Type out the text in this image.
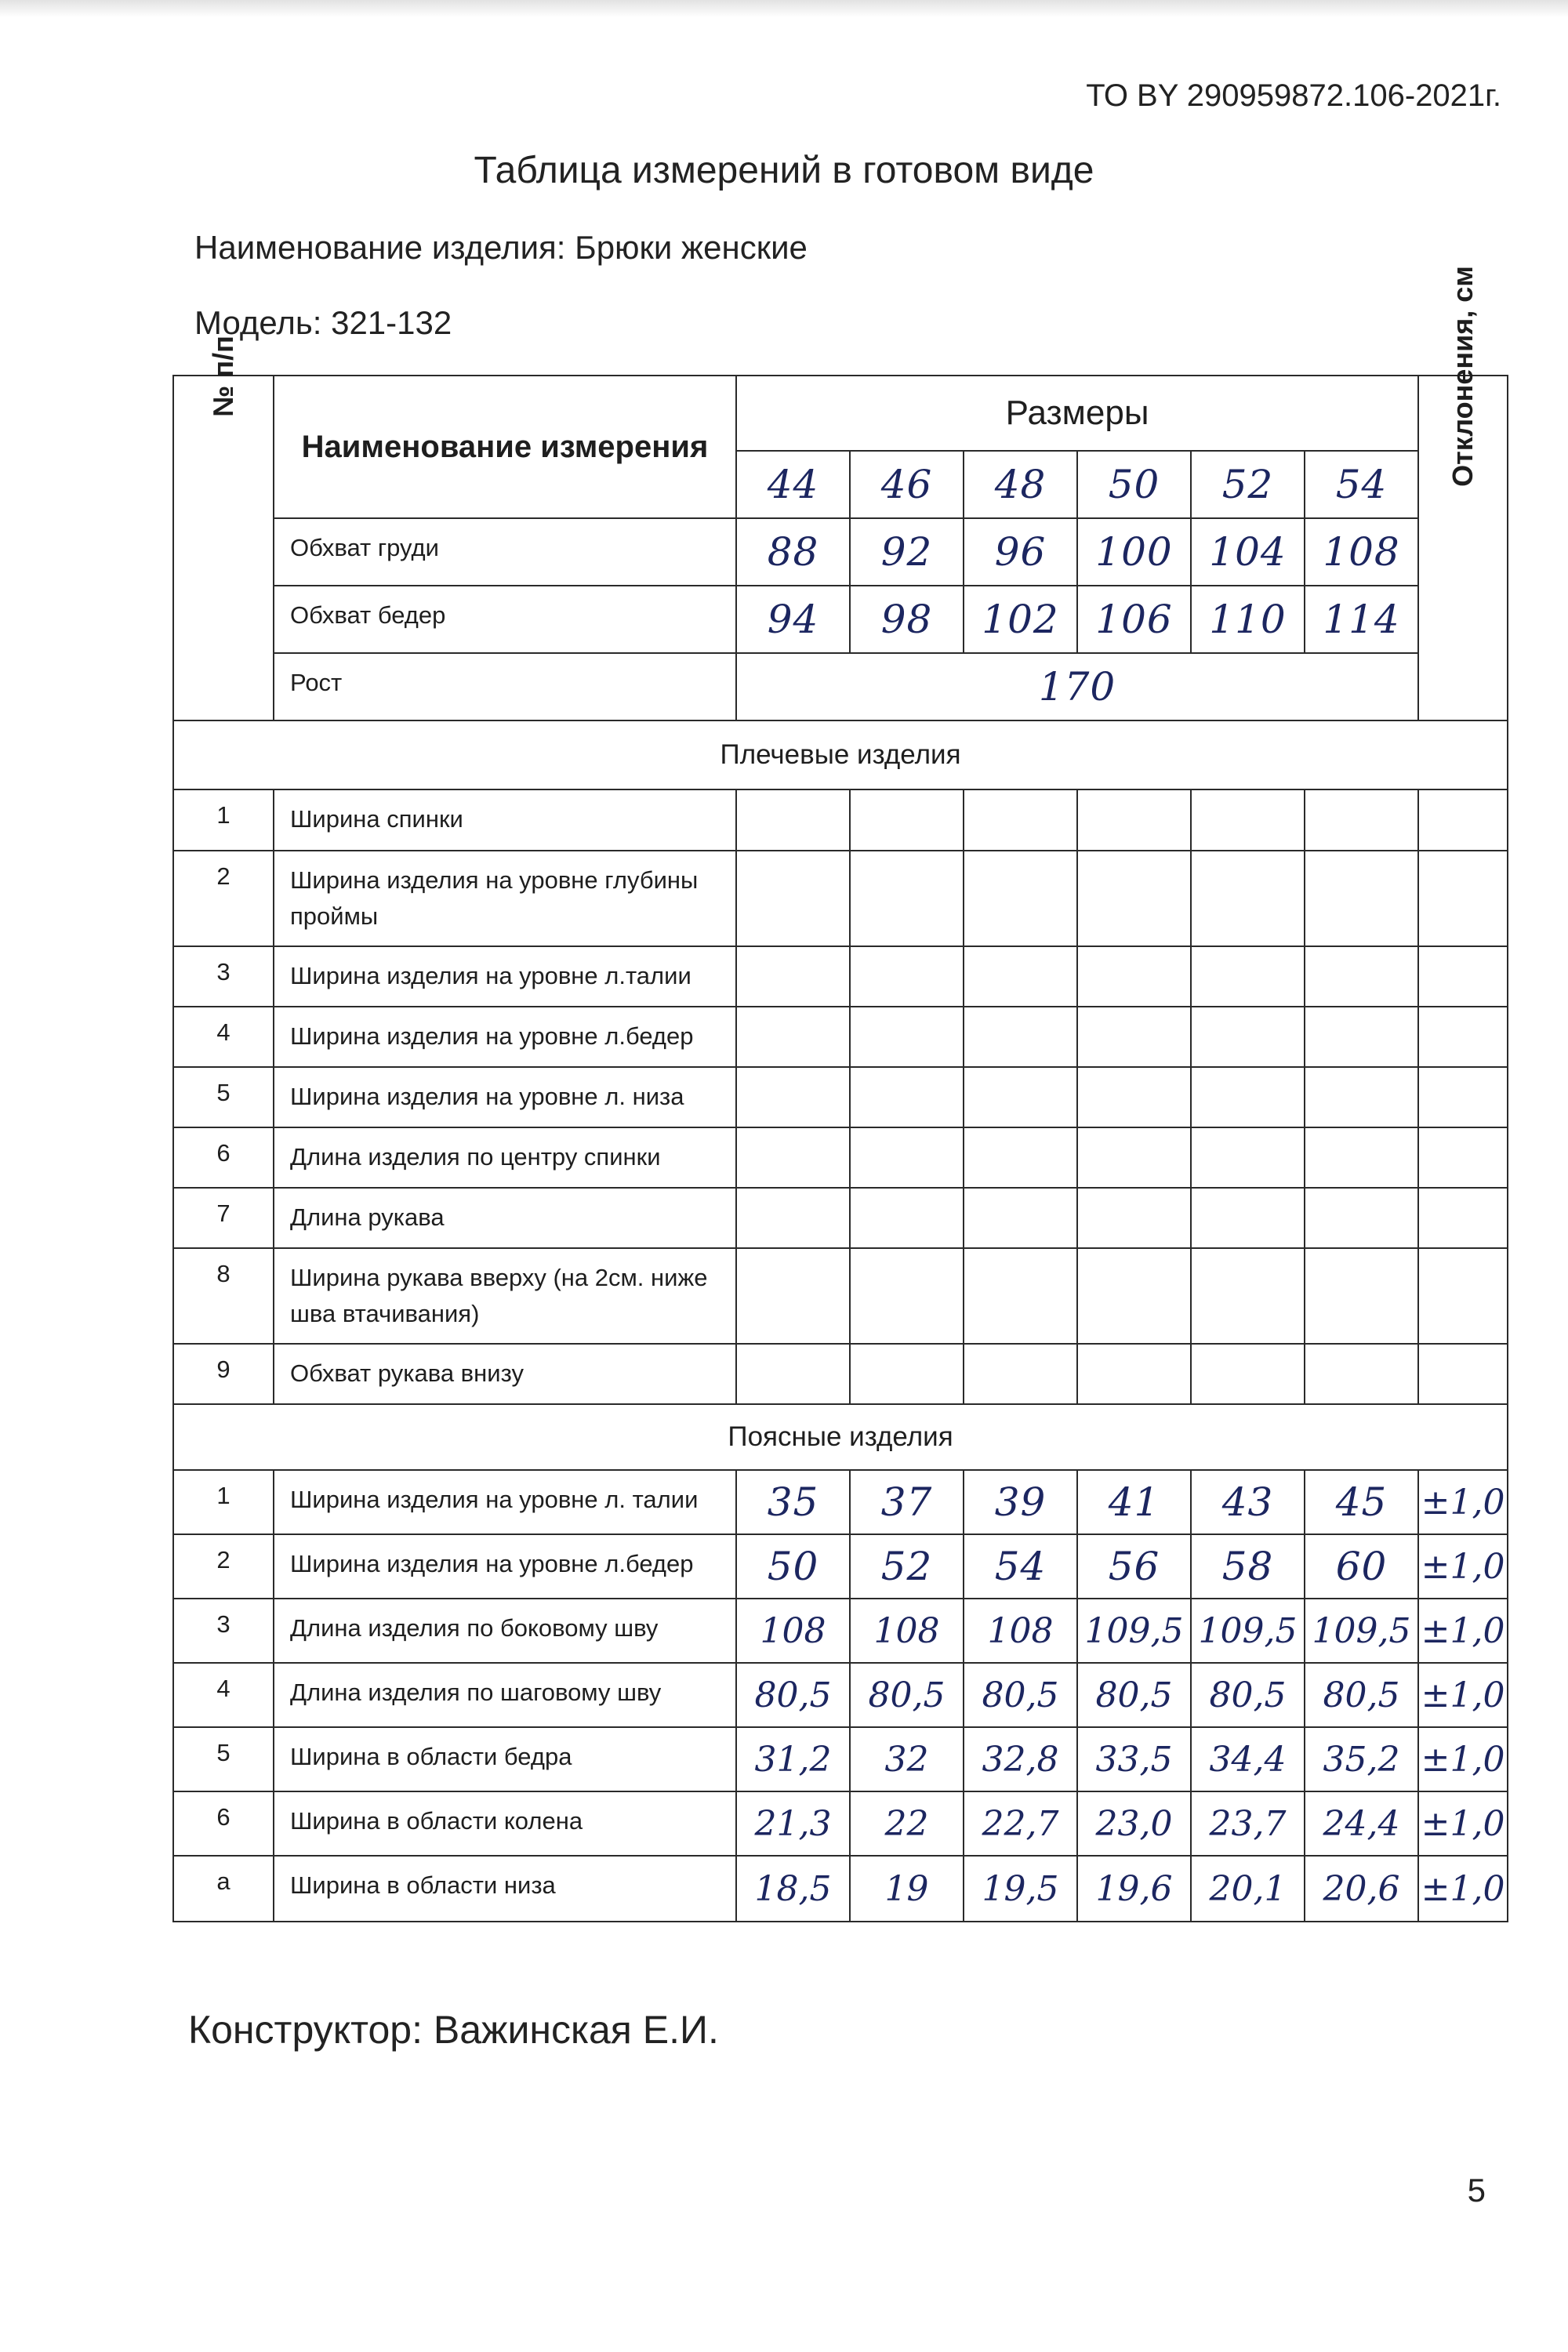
ТО BY 290959872.106-2021г.
Таблица измерений в готовом виде
Наименование изделия: Брюки женские
Модель: 321-132
№ п/п	Наименование измерения	Размеры						Отклонения, см

		44	46	48	50	52	54	
	Обхват груди	88	92	96	100	104	108	
	Обхват бедер	94	98	102	106	110	114	
	Рост	170						
Плечевые изделия								
1	Ширина спинки							
2	Ширина изделия на уровне глубины проймы							
3	Ширина изделия на уровне л.талии							
4	Ширина изделия на уровне л.бедер							
5	Ширина изделия на уровне л. низа							
6	Длина изделия по центру спинки							
7	Длина рукава							
8	Ширина рукава вверху (на 2см. ниже шва втачивания)							
9	Обхват рукава внизу							
Поясные изделия								
1	Ширина изделия на уровне л. талии	35	37	39	41	43	45	±1,0
2	Ширина изделия на уровне л.бедер	50	52	54	56	58	60	±1,0
3	Длина изделия по боковому шву	108	108	108	109,5	109,5	109,5	±1,0
4	Длина изделия по шаговому шву	80,5	80,5	80,5	80,5	80,5	80,5	±1,0
5	Ширина в области бедра	31,2	32	32,8	33,5	34,4	35,2	±1,0
6	Ширина в области колена	21,3	22	22,7	23,0	23,7	24,4	±1,0
а	Ширина в области низа	18,5	19	19,5	19,6	20,1	20,6	±1,0
Конструктор: Важинская Е.И.
5
